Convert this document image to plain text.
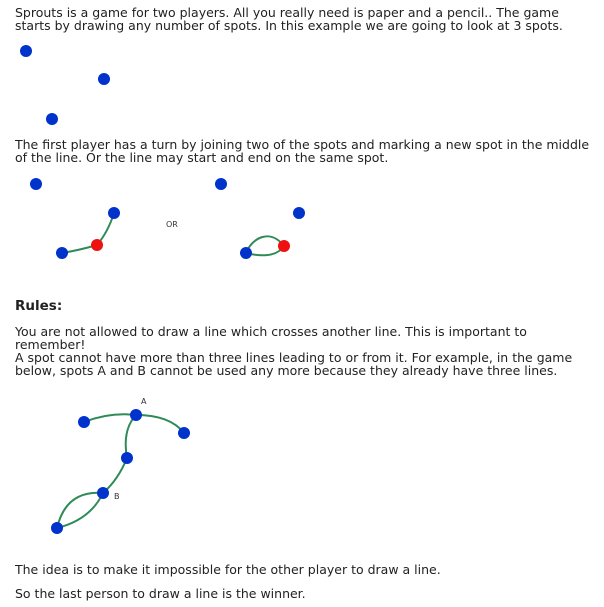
Sprouts is a game for two players. All you really need is paper and a pencil.. The game starts by drawing any number of spots. In this example we are going to look at 3 spots.

OR
A
B

The first player has a turn by joining two of the spots and marking a new spot in the middle of the line. Or the line may start and end on the same spot.

Rules:

You are not allowed to draw a line which crosses another line. This is important to remember!

A spot cannot have more than three lines leading to or from it. For example, in the game below, spots A and B cannot be used any more because they already have three lines.

The idea is to make it impossible for the other player to draw a line.

So the last person to draw a line is the winner.
